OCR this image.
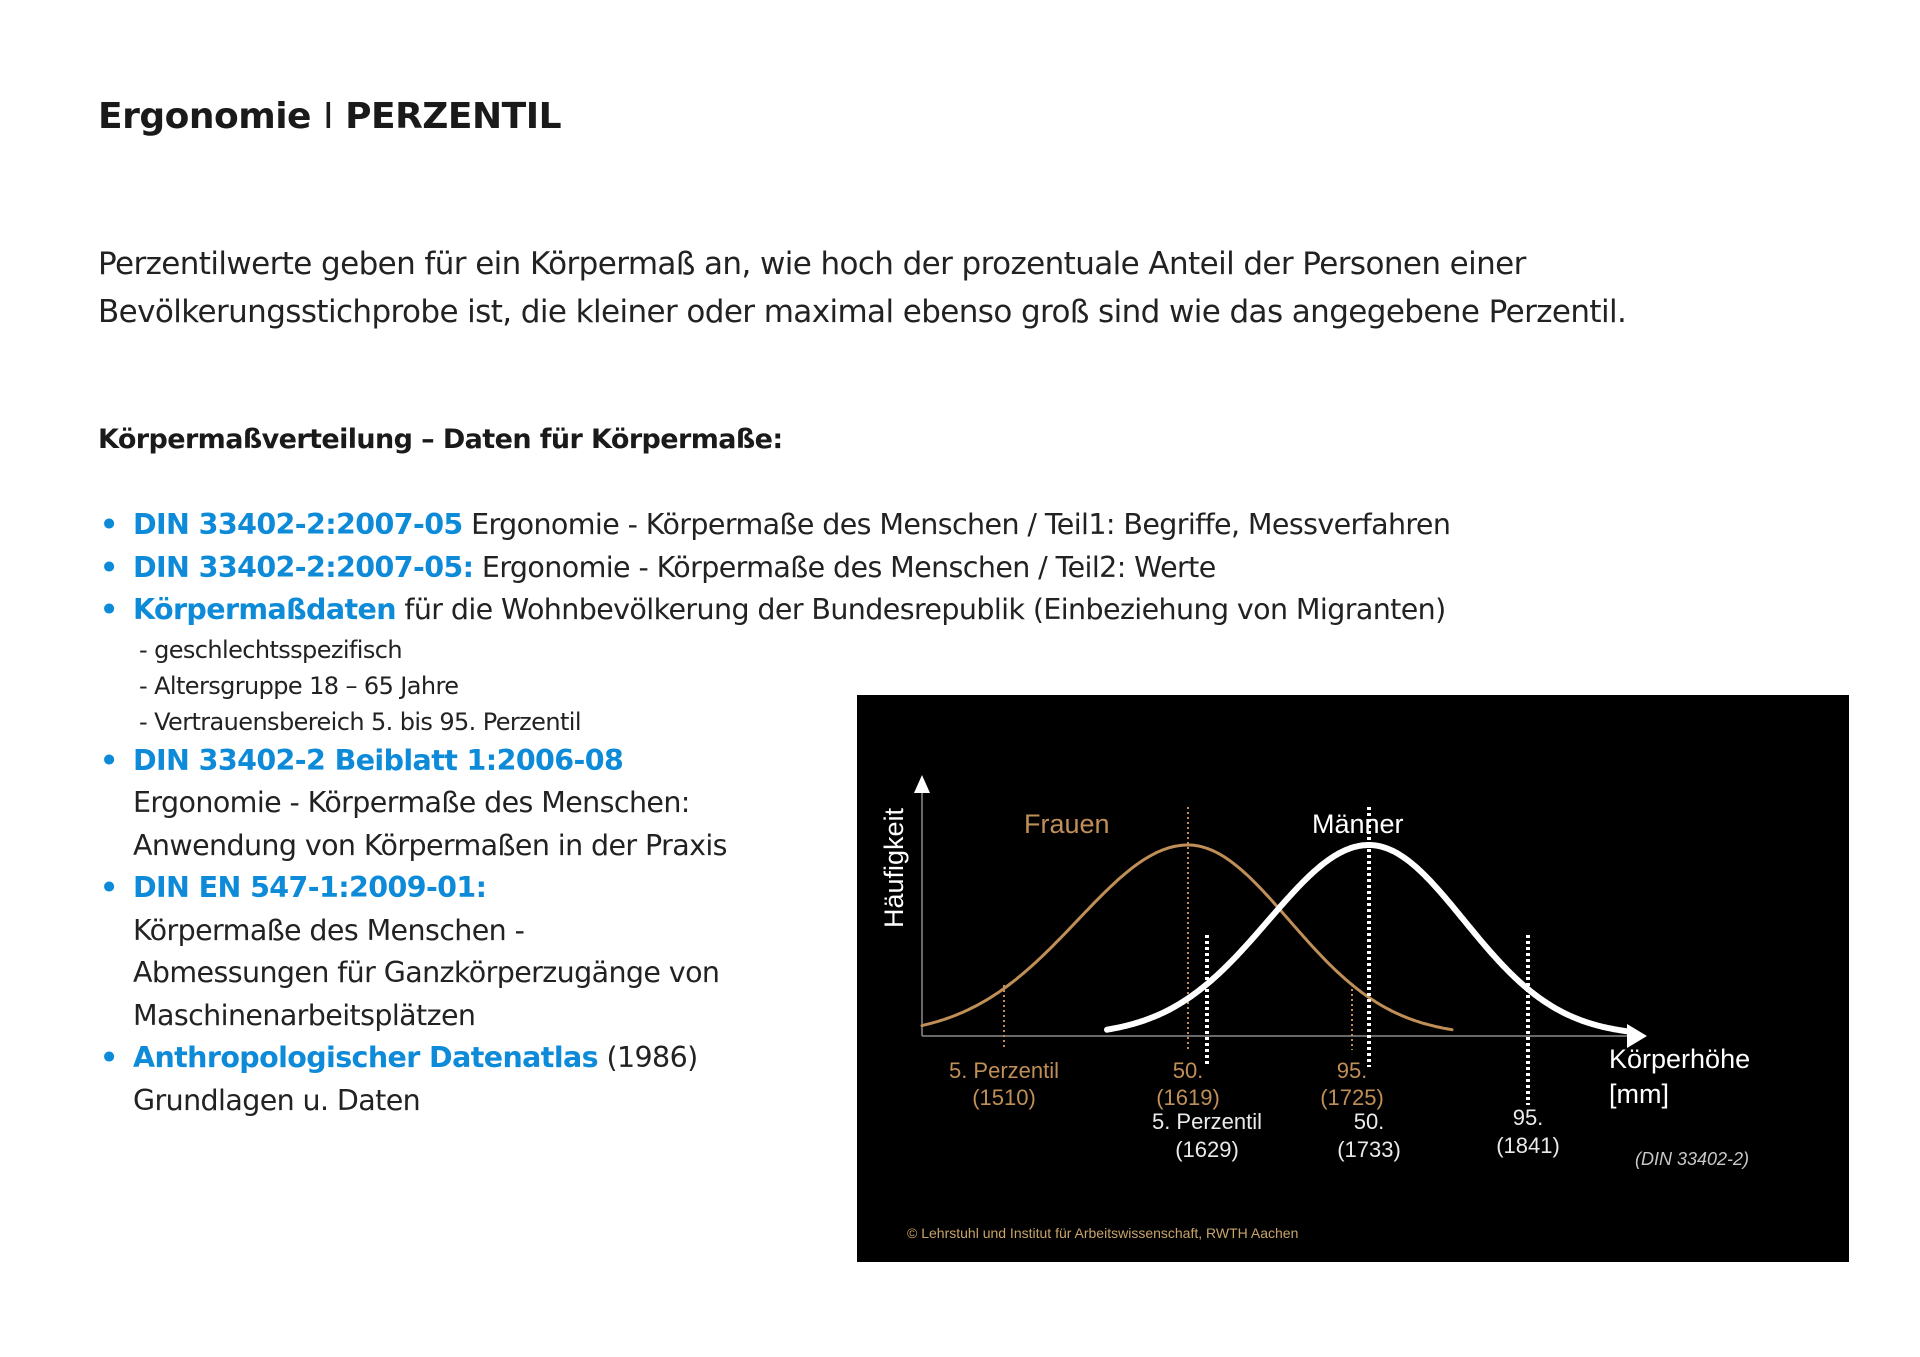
Ergonomie I PERZENTIL
Perzentilwerte geben für ein Körpermaß an, wie hoch der prozentuale Anteil der Personen einer Bevölkerungsstichprobe ist, die kleiner oder maximal ebenso groß sind wie das angegebene Perzentil.
Körpermaßverteilung – Daten für Körpermaße:
• DIN 33402-2:2007-05 Ergonomie - Körpermaße des Menschen / Teil1: Begriffe, Messverfahren
• DIN 33402-2:2007-05: Ergonomie - Körpermaße des Menschen / Teil2: Werte
• Körpermaßdaten für die Wohnbevölkerung der Bundesrepublik (Einbeziehung von Migranten)
- geschlechtsspezifisch
- Altersgruppe 18 – 65 Jahre
- Vertrauensbereich 5. bis 95. Perzentil
• DIN 33402-2 Beiblatt 1:2006-08
Ergonomie - Körpermaße des Menschen:
Anwendung von Körpermaßen in der Praxis
• DIN EN 547-1:2009-01:
Körpermaße des Menschen -
Abmessungen für Ganzkörperzugänge von
Maschinenarbeitsplätzen
• Anthropologischer Datenatlas (1986)
Grundlagen u. Daten
Häufigkeit
5. Perzentil
(1510)
50.
(1619)
95.
(1725)
5. Perzentil
(1629)
50.
(1733)
95.
(1841)
Frauen	Männer
Körperhöhe
[mm]
(DIN 33402-2)
© Lehrstuhl und Institut für Arbeitswissenschaft, RWTH Aachen
